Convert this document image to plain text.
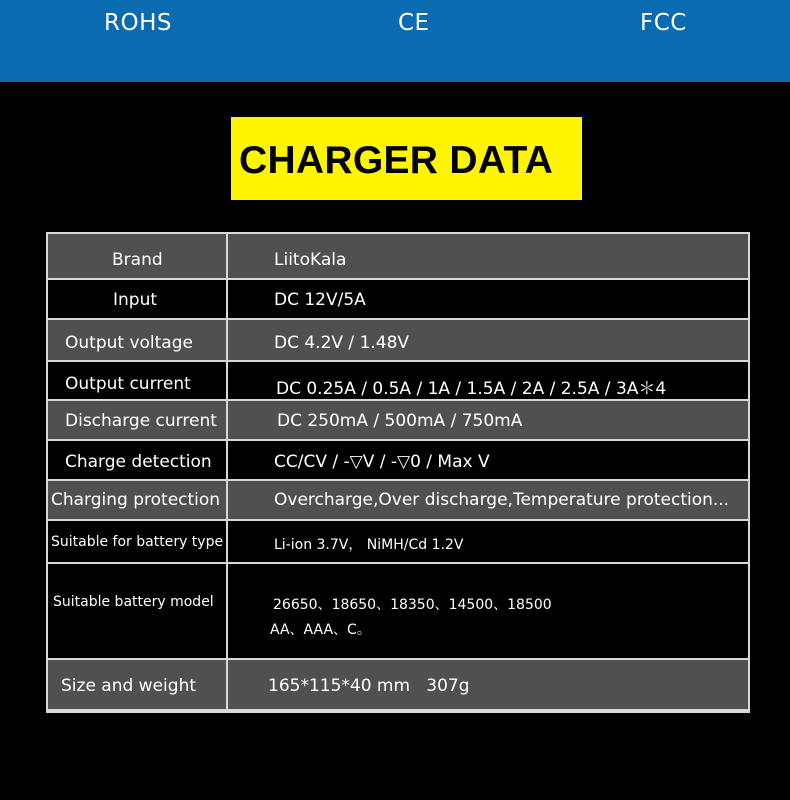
ROHS	CE	FCC
CHARGER DATA
Brand	LiitoKala
Input	DC 12V/5A
Output voltage	DC 4.2V / 1.48V
Output current	DC 0.25A / 0.5A / 1A / 1.5A / 2A / 2.5A / 3A＊4
Discharge current	DC 250mA / 500mA / 750mA
Charge detection	CC/CV / -▽V / -▽0 / Max V
Charging protection	Overcharge,Over discharge,Temperature protection...
Suitable for battery type	Li-ion 3.7V， NiMH/Cd 1.2V
Suitable battery model	26650、18650、18350、14500、18500
AA、AAA、C。
Size and weight	165*115*40 mm   307g
